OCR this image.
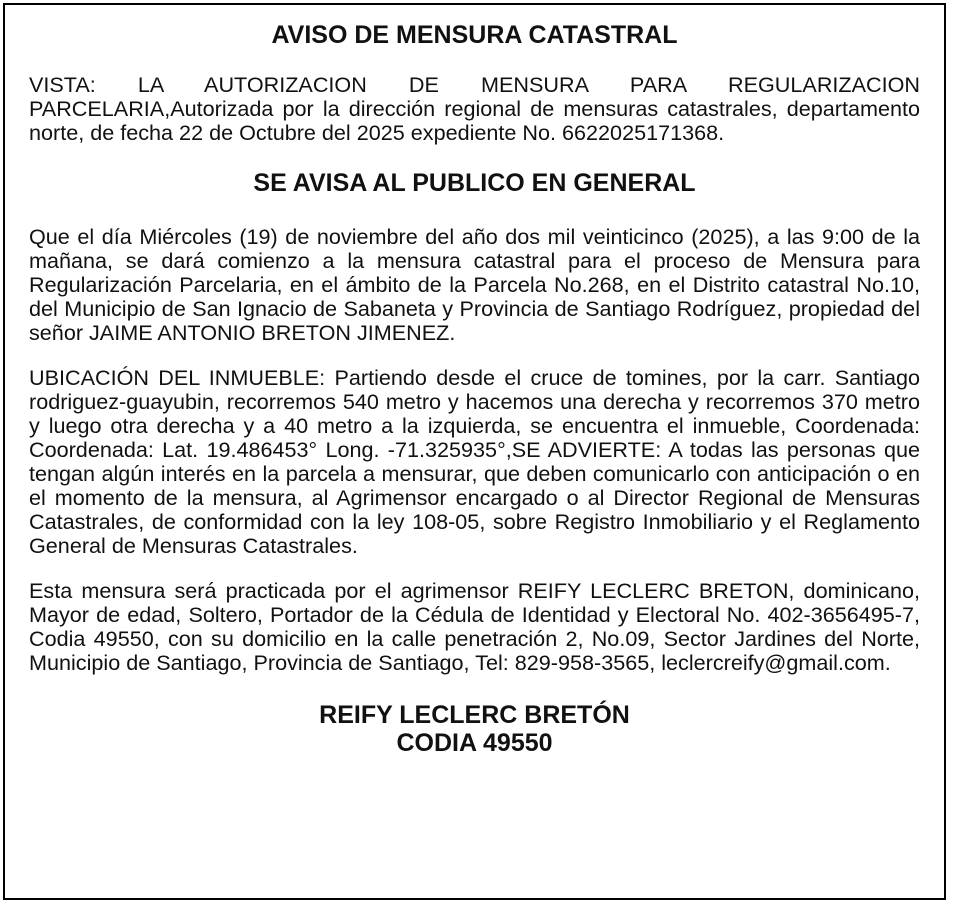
AVISO DE MENSURA CATASTRAL

VISTA: LA AUTORIZACION DE MENSURA PARA REGULARIZACION PARCELARIA,Autorizada por la dirección regional de mensuras catastrales, departamento norte, de fecha 22 de Octubre del 2025 expediente No. 6622025171368.

SE AVISA AL PUBLICO EN GENERAL

Que el día Miércoles (19) de noviembre del año dos mil veinticinco (2025), a las 9:00 de la mañana, se dará comienzo a la mensura catastral para el proceso de Mensura para Regularización Parcelaria, en el ámbito de la Parcela No.268, en el Distrito catastral No.10, del Municipio de San Ignacio de Sabaneta y Provincia de Santiago Rodríguez, propiedad del señor JAIME ANTONIO BRETON JIMENEZ.

UBICACIÓN DEL INMUEBLE: Partiendo desde el cruce de tomines, por la carr. Santiago rodriguez-guayubin, recorremos 540 metro y hacemos una derecha y recorremos 370 metro y luego otra derecha y a 40 metro a la izquierda, se encuentra el inmueble, Coordenada: Coordenada: Lat. 19.486453° Long. -71.325935°,SE ADVIERTE: A todas las personas que tengan algún interés en la parcela a mensurar, que deben comunicarlo con anticipación o en el momento de la mensura, al Agrimensor encargado o al Director Regional de Mensuras Catastrales, de conformidad con la ley 108-05, sobre Registro Inmobiliario y el Reglamento General de Mensuras Catastrales.

Esta mensura será practicada por el agrimensor REIFY LECLERC BRETON, dominicano, Mayor de edad, Soltero, Portador de la Cédula de Identidad y Electoral No. 402-3656495-7, Codia 49550, con su domicilio en la calle penetración 2, No.09, Sector Jardines del Norte, Municipio de Santiago, Provincia de Santiago, Tel: 829-958-3565, leclercreify@gmail.com.

REIFY LECLERC BRETÓN
CODIA 49550
